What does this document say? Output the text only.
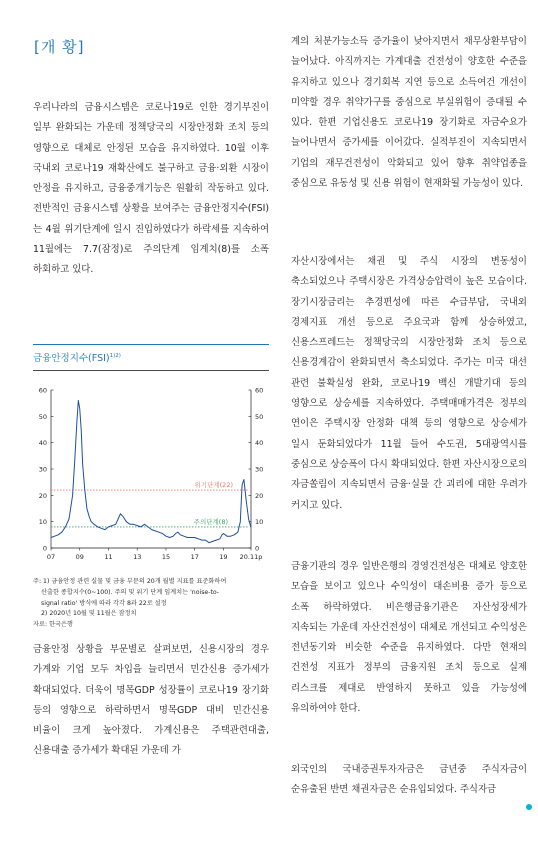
[개 황]
우리나라의 금융시스템은 코로나19로 인한 경기부진이 일부 완화되는 가운데 정책당국의 시장안정화 조치 등의 영향으로 대체로 안정된 모습을 유지하였다. 10월 이후 국내외 코로나19 재확산에도 불구하고 금융·외환 시장이 안정을 유지하고, 금융중개기능은 원활히 작동하고 있다. 전반적인 금융시스템 상황을 보여주는 금융안정지수(FSI)는 4월 위기단계에 일시 진입하였다가 하락세를 지속하여 11월에는 7.7(잠정)로 주의단계 임계치(8)를 소폭 하회하고 있다.
금융안정지수(FSI)$^{1)2)}$
0	0
10	10
20	20
30	30
40	40
50	50
60	60
07	09	11	13	15	17	19 20.11p
위기단계(22)
주의단계(8)
주: 1) 금융안정 관련 실물 및 금융 부문의 20개 월별 지표를 표준화하여
산출한 종합지수(0~100). 주의 및 위기 단계 임계치는 'noise-to-
signal ratio' 방식에 따라 각각 8과 22로 설정
2) 2020년 10월 및 11월은 잠정치
자료: 한국은행
금융안정 상황을 부문별로 살펴보면, 신용시장의 경우 가계와 기업 모두 차입을 늘리면서 민간신용 증가세가 확대되었다. 더욱이 명목GDP 성장률이 코로나19 장기화 등의 영향으로 하락하면서 명목GDP 대비 민간신용 비율이 크게 높아졌다. 가계신용은 주택관련대출, 신용대출 증가세가 확대된 가운데 가
계의 처분가능소득 증가율이 낮아지면서 채무상환부담이 늘어났다. 아직까지는 가계대출 건전성이 양호한 수준을 유지하고 있으나 경기회복 지연 등으로 소득여건 개선이 미약할 경우 취약가구를 중심으로 부실위험이 증대될 수 있다. 한편 기업신용도 코로나19 장기화로 자금수요가 늘어나면서 증가세를 이어갔다. 실적부진이 지속되면서 기업의 재무건전성이 악화되고 있어 향후 취약업종을 중심으로 유동성 및 신용 위험이 현재화될 가능성이 있다.
자산시장에서는 채권 및 주식 시장의 변동성이 축소되었으나 주택시장은 가격상승압력이 높은 모습이다. 장기시장금리는 추경편성에 따른 수급부담, 국내외 경제지표 개선 등으로 주요국과 함께 상승하였고, 신용스프레드는 정책당국의 시장안정화 조치 등으로 신용경계감이 완화되면서 축소되었다. 주가는 미국 대선 관련 불확실성 완화, 코로나19 백신 개발기대 등의 영향으로 상승세를 지속하였다. 주택매매가격은 정부의 연이은 주택시장 안정화 대책 등의 영향으로 상승세가 일시 둔화되었다가 11월 들어 수도권, 5대광역시를 중심으로 상승폭이 다시 확대되었다. 한편 자산시장으로의 자금쏠림이 지속되면서 금융·실물 간 괴리에 대한 우려가 커지고 있다.
금융기관의 경우 일반은행의 경영건전성은 대체로 양호한 모습을 보이고 있으나 수익성이 대손비용 증가 등으로 소폭 하락하였다. 비은행금융기관은 자산성장세가 지속되는 가운데 자산건전성이 대체로 개선되고 수익성은 전년동기와 비슷한 수준을 유지하였다. 다만 현재의 건전성 지표가 정부의 금융지원 조치 등으로 실제 리스크를 제대로 반영하지 못하고 있을 가능성에 유의하여야 한다.
외국인의 국내증권투자자금은 금년중 주식자금이 순유출된 반면 채권자금은 순유입되었다. 주식자금
